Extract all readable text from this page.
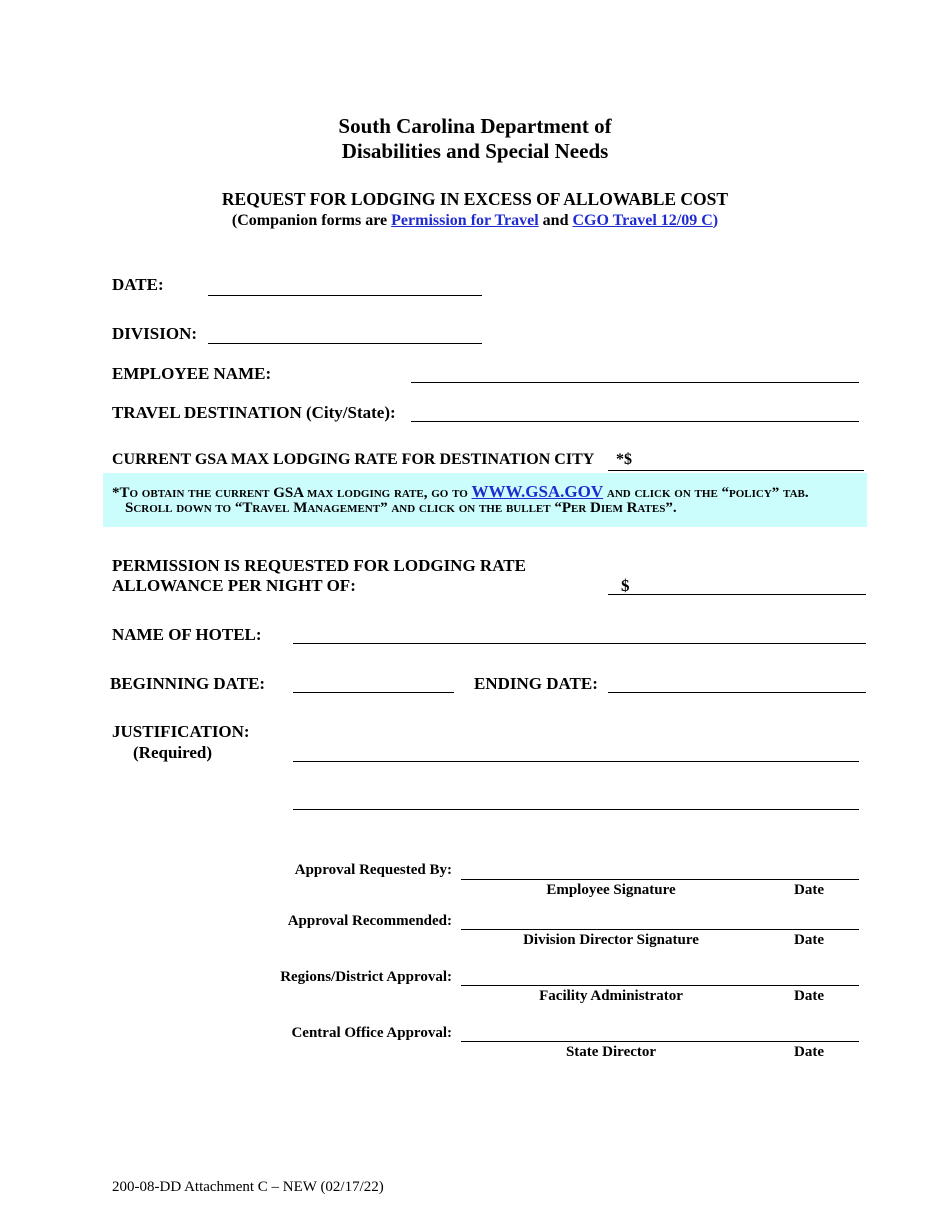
South Carolina Department of
Disabilities and Special Needs
REQUEST FOR LODGING IN EXCESS OF ALLOWABLE COST
(Companion forms are Permission for Travel and CGO Travel 12/09 C)
DATE:
DIVISION:
EMPLOYEE NAME:
TRAVEL DESTINATION (City/State):
CURRENT GSA MAX LODGING RATE FOR DESTINATION CITY *$
*To obtain the current GSA max lodging rate, go to WWW.GSA.GOV and click on the “policy” tab.
Scroll down to “Travel Management” and click on the bullet “Per Diem Rates”.
PERMISSION IS REQUESTED FOR LODGING RATE
ALLOWANCE PER NIGHT OF:	$
NAME OF HOTEL:
BEGINNING DATE:	ENDING DATE:
JUSTIFICATION:
(Required)
Approval Requested By:
Employee Signature	Date
Approval Recommended:
Division Director Signature	Date
Regions/District Approval:
Facility Administrator	Date
Central Office Approval:
State Director	Date
200-08-DD Attachment C – NEW (02/17/22)
